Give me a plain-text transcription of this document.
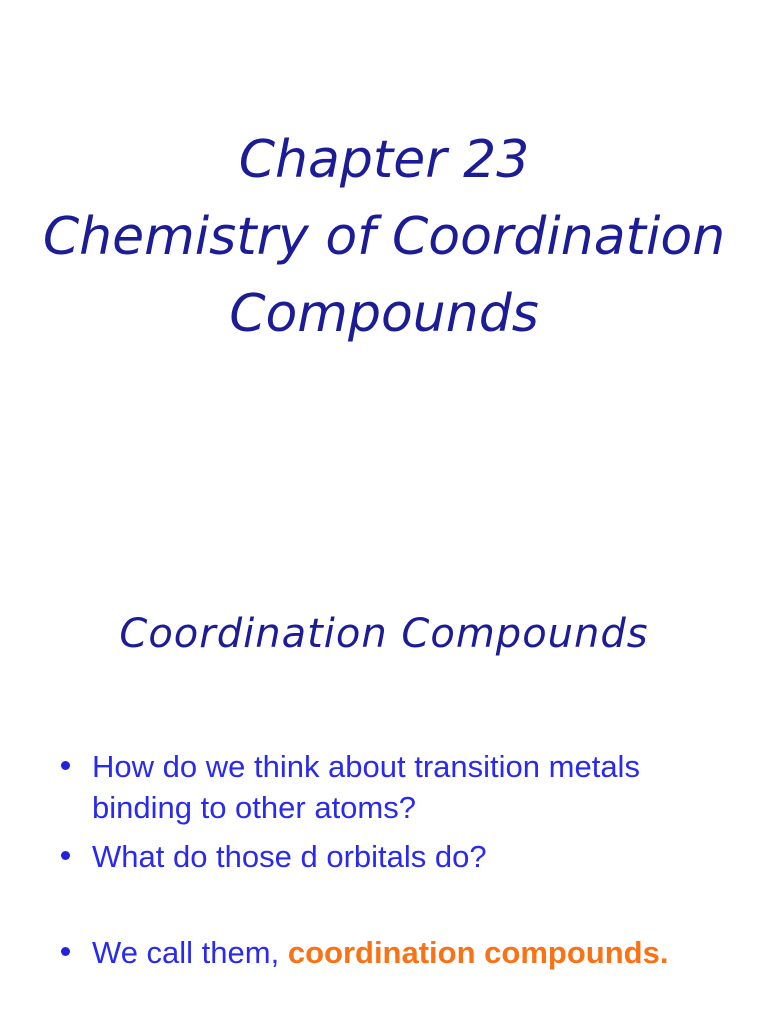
Chapter 23
Chemistry of Coordination
Compounds
Coordination Compounds
How do we think about transition metals binding to other atoms?
What do those d orbitals do?
We call them, coordination compounds.
